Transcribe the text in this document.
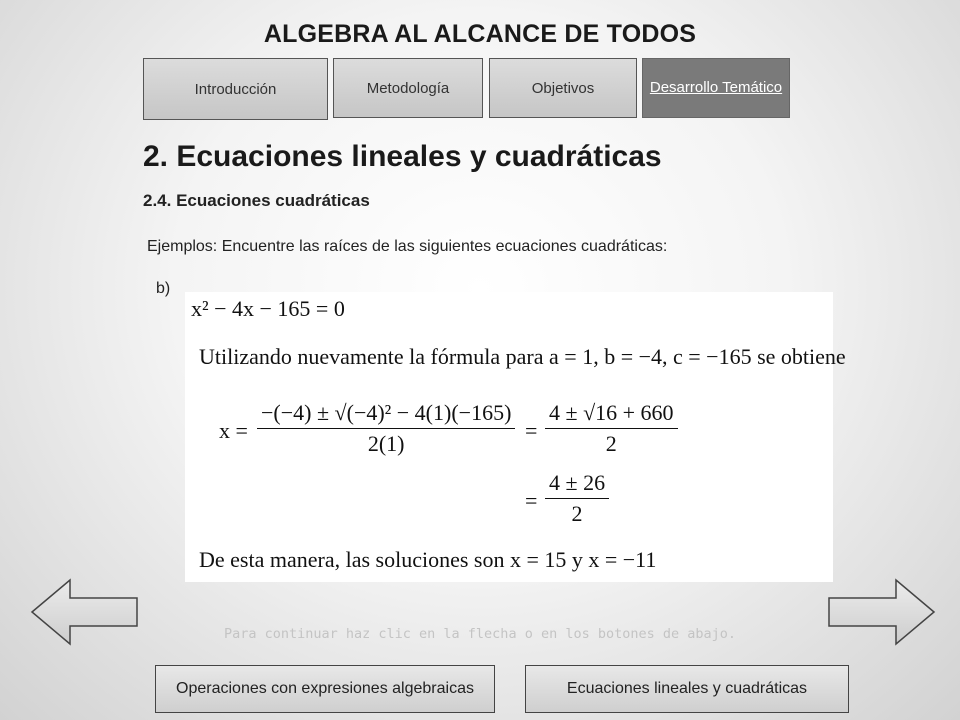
ALGEBRA AL ALCANCE DE TODOS
Introducción	Metodología	Objetivos	Desarrollo Temático
2. Ecuaciones lineales y cuadráticas
2.4. Ecuaciones cuadráticas
Ejemplos: Encuentre las raíces de las siguientes ecuaciones cuadráticas:
b)
x² − 4x − 165 = 0
Utilizando nuevamente la fórmula para a = 1, b = −4, c = −165 se obtiene
x =
−(−4) ± √(−4)² − 4(1)(−165)
2(1)
=
4 ± √16 + 660
2
=
4 ± 26
2
De esta manera, las soluciones son x = 15 y x = −11
Para continuar haz clic en la flecha o en los botones de abajo.
Operaciones con expresiones algebraicas	Ecuaciones lineales y cuadráticas
